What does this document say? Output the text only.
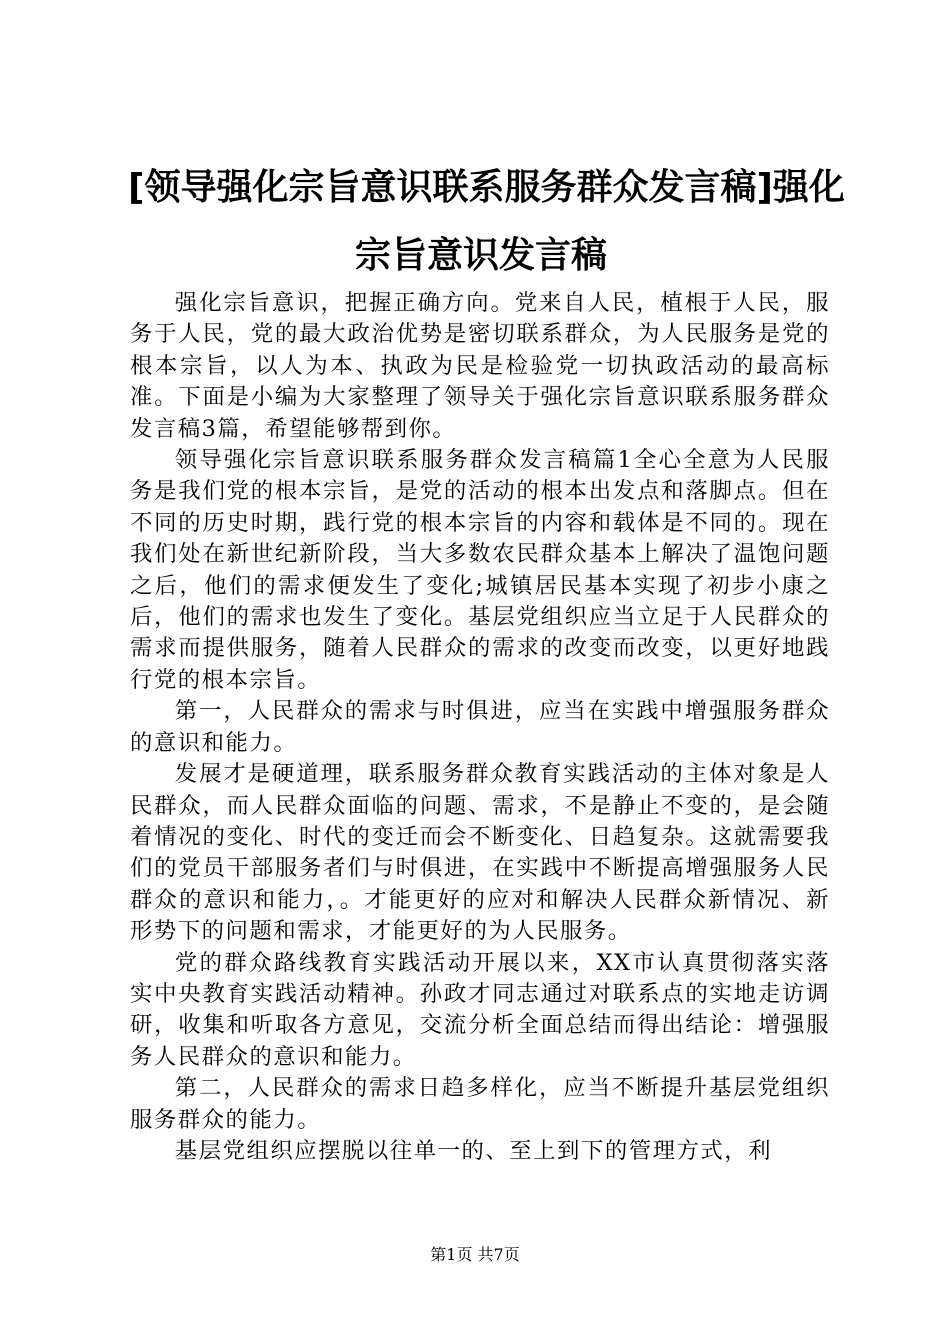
[领导强化宗旨意识联系服务群众发言稿]强化
宗旨意识发言稿

强化宗旨意识，把握正确方向。党来自人民，植根于人民，服务于人民，党的最大政治优势是密切联系群众，为人民服务是党的根本宗旨，以人为本、执政为民是检验党一切执政活动的最高标准。下面是小编为大家整理了领导关于强化宗旨意识联系服务群众发言稿3篇，希望能够帮到你。

领导强化宗旨意识联系服务群众发言稿篇1全心全意为人民服务是我们党的根本宗旨，是党的活动的根本出发点和落脚点。但在不同的历史时期，践行党的根本宗旨的内容和载体是不同的。现在我们处在新世纪新阶段，当大多数农民群众基本上解决了温饱问题之后，他们的需求便发生了变化;城镇居民基本实现了初步小康之后，他们的需求也发生了变化。基层党组织应当立足于人民群众的需求而提供服务，随着人民群众的需求的改变而改变，以更好地践行党的根本宗旨。

第一，人民群众的需求与时俱进，应当在实践中增强服务群众的意识和能力。

发展才是硬道理，联系服务群众教育实践活动的主体对象是人民群众，而人民群众面临的问题、需求，不是静止不变的，是会随着情况的变化、时代的变迁而会不断变化、日趋复杂。这就需要我们的党员干部服务者们与时俱进，在实践中不断提高增强服务人民群众的意识和能力，。才能更好的应对和解决人民群众新情况、新形势下的问题和需求，才能更好的为人民服务。

党的群众路线教育实践活动开展以来，XX市认真贯彻落实落实中央教育实践活动精神。孙政才同志通过对联系点的实地走访调研，收集和听取各方意见，交流分析全面总结而得出结论：增强服务人民群众的意识和能力。

第二，人民群众的需求日趋多样化，应当不断提升基层党组织服务群众的能力。

基层党组织应摆脱以往单一的、至上到下的管理方式，利

第1页 共7页
